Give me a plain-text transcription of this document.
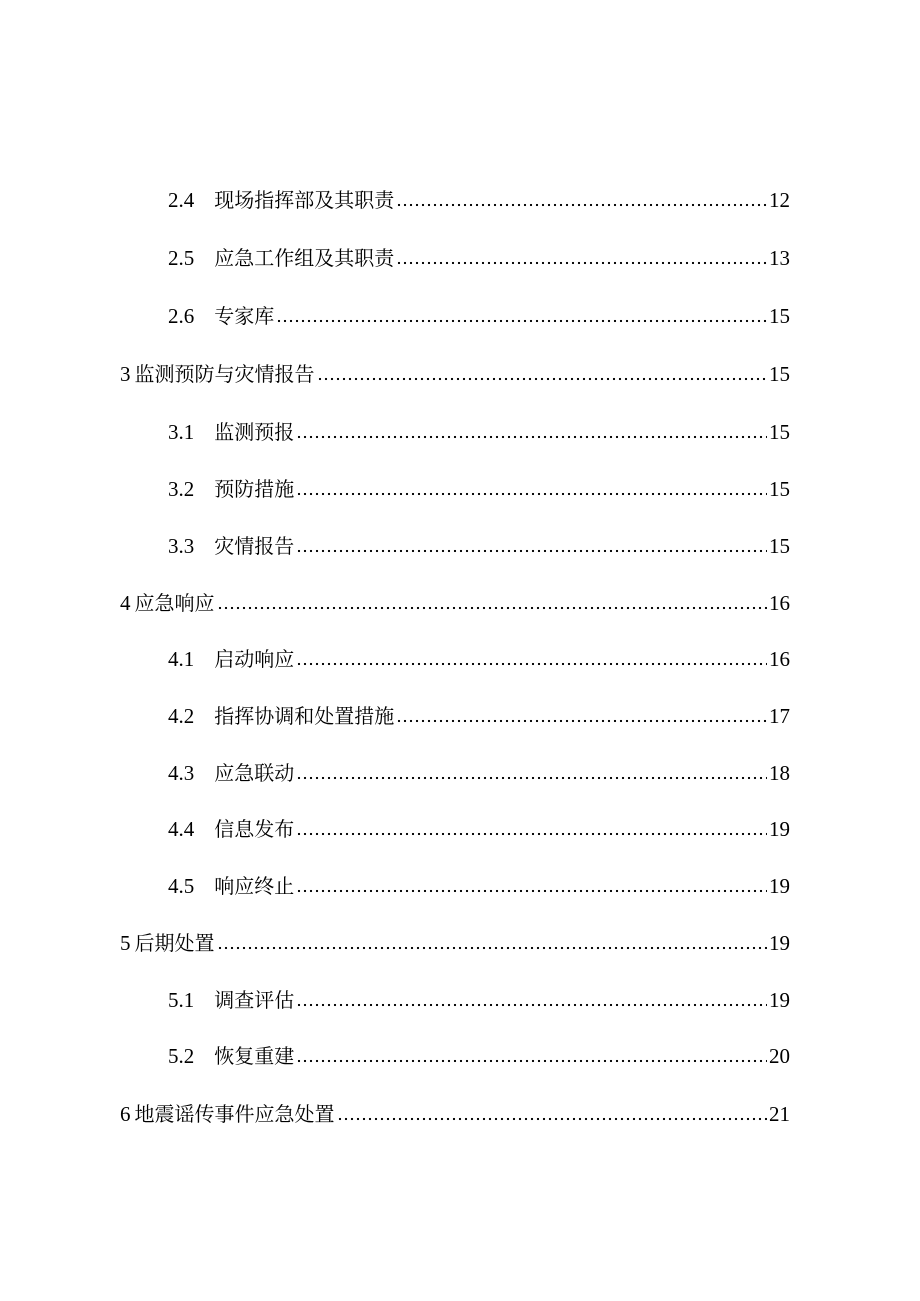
2.4 现场指挥部及其职责	12
2.5 应急工作组及其职责	13
2.6 专家库	15
3 监测预防与灾情报告	15
3.1 监测预报	15
3.2 预防措施	15
3.3 灾情报告	15
4 应急响应	16
4.1 启动响应	16
4.2 指挥协调和处置措施	17
4.3 应急联动	18
4.4 信息发布	19
4.5 响应终止	19
5 后期处置	19
5.1 调查评估	19
5.2 恢复重建	20
6 地震谣传事件应急处置	21
